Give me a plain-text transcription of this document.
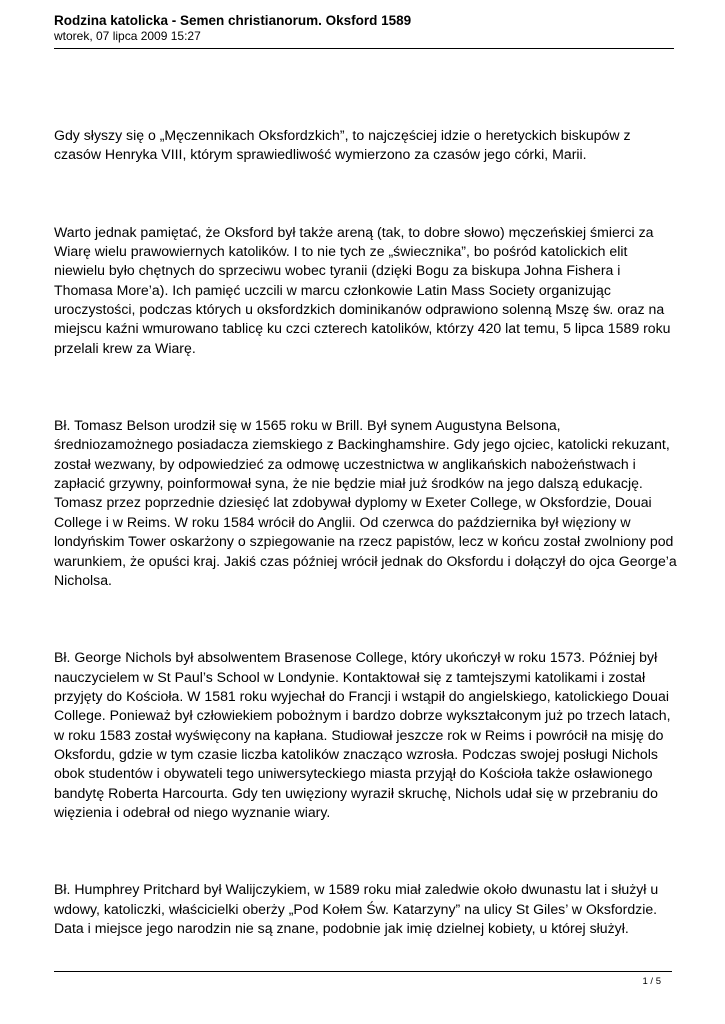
Rodzina katolicka - Semen christianorum. Oksford 1589
wtorek, 07 lipca 2009 15:27

Gdy słyszy się o „Męczennikach Oksfordzkich”, to najczęściej idzie o heretyckich biskupów z czasów Henryka VIII, którym sprawiedliwość wymierzono za czasów jego córki, Marii.

Warto jednak pamiętać, że Oksford był także areną (tak, to dobre słowo) męczeńskiej śmierci za Wiarę wielu prawowiernych katolików. I to nie tych ze „świecznika”, bo pośród katolickich elit niewielu było chętnych do sprzeciwu wobec tyranii (dzięki Bogu za biskupa Johna Fishera i Thomasa More’a). Ich pamięć uczcili w marcu członkowie Latin Mass Society organizując uroczystości, podczas których u oksfordzkich dominikanów odprawiono solenną Mszę św. oraz na miejscu kaźni wmurowano tablicę ku czci czterech katolików, którzy 420 lat temu, 5 lipca 1589 roku przelali krew za Wiarę.

Bł. Tomasz Belson urodził się w 1565 roku w Brill. Był synem Augustyna Belsona, średniozamożnego posiadacza ziemskiego z Backinghamshire. Gdy jego ojciec, katolicki rekuzant, został wezwany, by odpowiedzieć za odmowę uczestnictwa w anglikańskich nabożeństwach i zapłacić grzywny, poinformował syna, że nie będzie miał już środków na jego dalszą edukację. Tomasz przez poprzednie dziesięć lat zdobywał dyplomy w Exeter College, w Oksfordzie, Douai College i w Reims. W roku 1584 wrócił do Anglii. Od czerwca do października był więziony w londyńskim Tower oskarżony o szpiegowanie na rzecz papistów, lecz w końcu został zwolniony pod warunkiem, że opuści kraj. Jakiś czas później wrócił jednak do Oksfordu i dołączył do ojca George’a Nicholsa.

Bł. George Nichols był absolwentem Brasenose College, który ukończył w roku 1573. Później był nauczycielem w St Paul’s School w Londynie. Kontaktował się z tamtejszymi katolikami i został przyjęty do Kościoła. W 1581 roku wyjechał do Francji i wstąpił do angielskiego, katolickiego Douai College. Ponieważ był człowiekiem pobożnym i bardzo dobrze wykształconym już po trzech latach, w roku 1583 został wyświęcony na kapłana. Studiował jeszcze rok w Reims i powrócił na misję do Oksfordu, gdzie w tym czasie liczba katolików znacząco wzrosła. Podczas swojej posługi Nichols obok studentów i obywateli tego uniwersyteckiego miasta przyjął do Kościoła także osławionego bandytę Roberta Harcourta. Gdy ten uwięziony wyraził skruchę, Nichols udał się w przebraniu do więzienia i odebrał od niego wyznanie wiary.

Bł. Humphrey Pritchard był Walijczykiem, w 1589 roku miał zaledwie około dwunastu lat i służył u wdowy, katoliczki, właścicielki oberży „Pod Kołem Św. Katarzyny” na ulicy St Giles’ w Oksfordzie. Data i miejsce jego narodzin nie są znane, podobnie jak imię dzielnej kobiety, u której służył.

1 / 5
